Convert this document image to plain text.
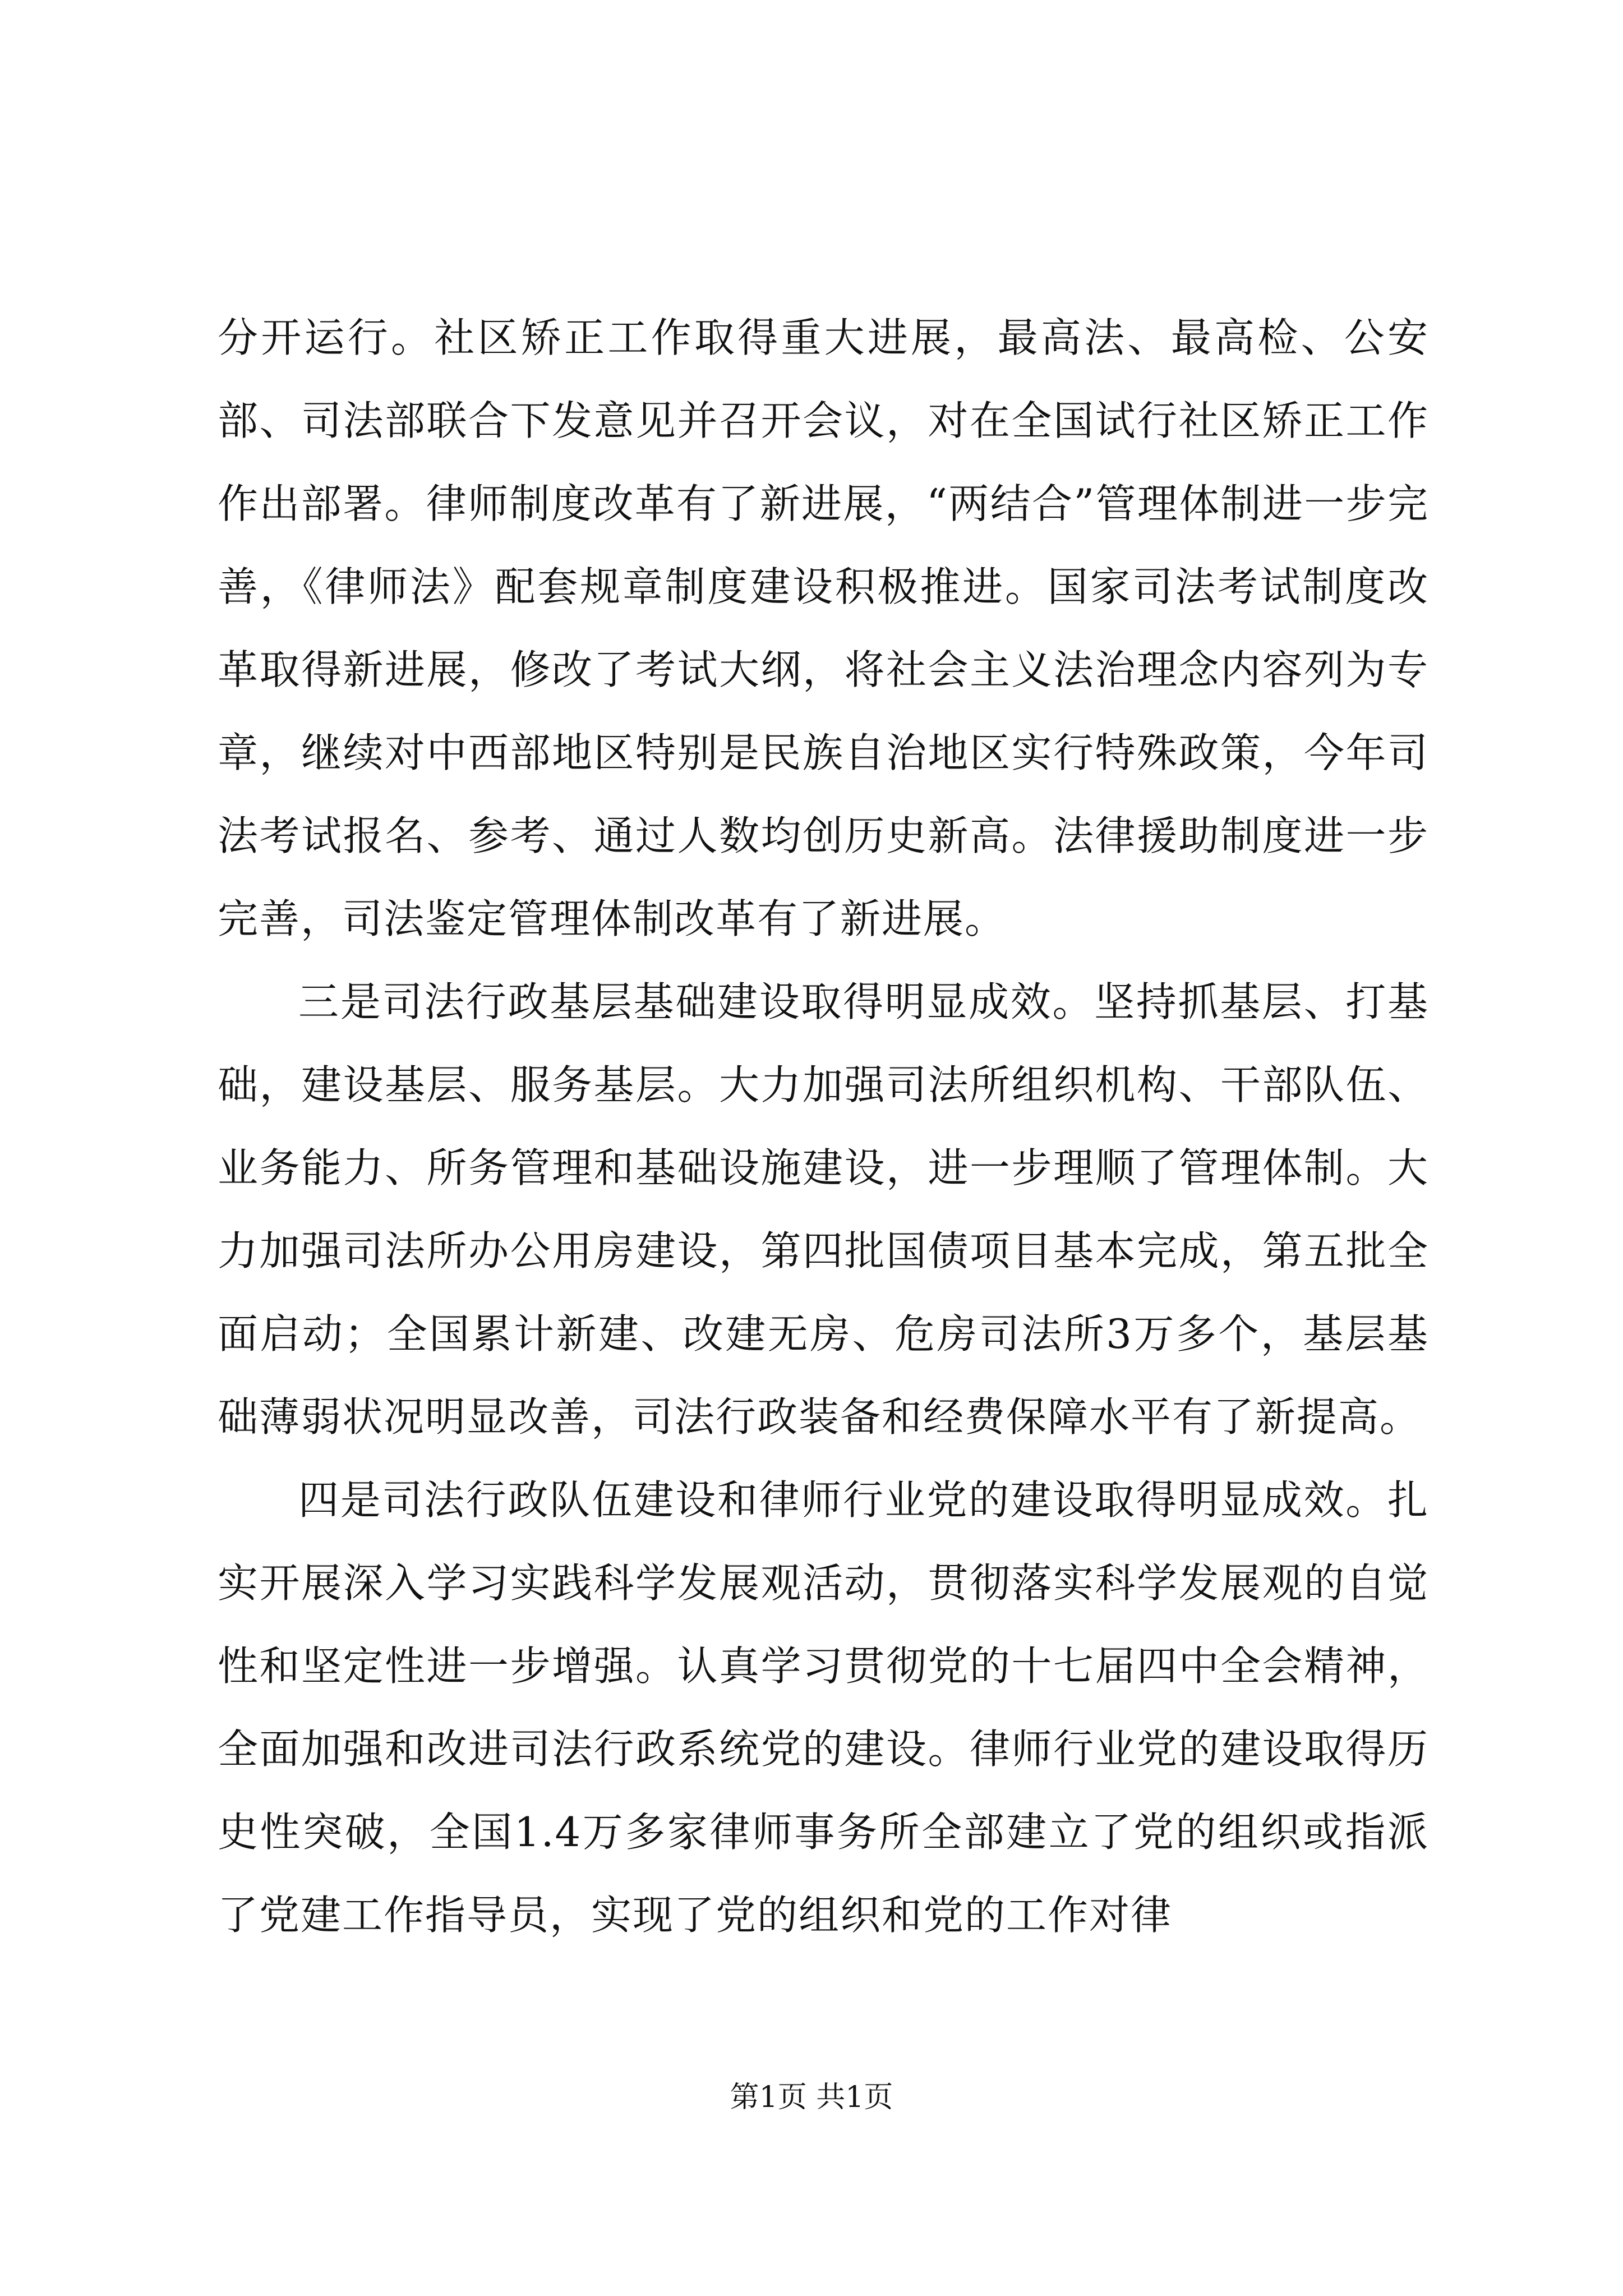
分开运行。社区矫正工作取得重大进展，最高法、最高检、公安部、司法部联合下发意见并召开会议，对在全国试行社区矫正工作作出部署。律师制度改革有了新进展，“两结合”管理体制进一步完善，《律师法》配套规章制度建设积极推进。国家司法考试制度改革取得新进展，修改了考试大纲，将社会主义法治理念内容列为专章，继续对中西部地区特别是民族自治地区实行特殊政策，今年司法考试报名、参考、通过人数均创历史新高。法律援助制度进一步完善，司法鉴定管理体制改革有了新进展。

三是司法行政基层基础建设取得明显成效。坚持抓基层、打基础，建设基层、服务基层。大力加强司法所组织机构、干部队伍、业务能力、所务管理和基础设施建设，进一步理顺了管理体制。大力加强司法所办公用房建设，第四批国债项目基本完成，第五批全面启动；全国累计新建、改建无房、危房司法所3万多个，基层基础薄弱状况明显改善，司法行政装备和经费保障水平有了新提高。

四是司法行政队伍建设和律师行业党的建设取得明显成效。扎实开展深入学习实践科学发展观活动，贯彻落实科学发展观的自觉性和坚定性进一步增强。认真学习贯彻党的十七届四中全会精神，全面加强和改进司法行政系统党的建设。律师行业党的建设取得历史性突破，全国1.4万多家律师事务所全部建立了党的组织或指派了党建工作指导员，实现了党的组织和党的工作对律

第1页 共1页
